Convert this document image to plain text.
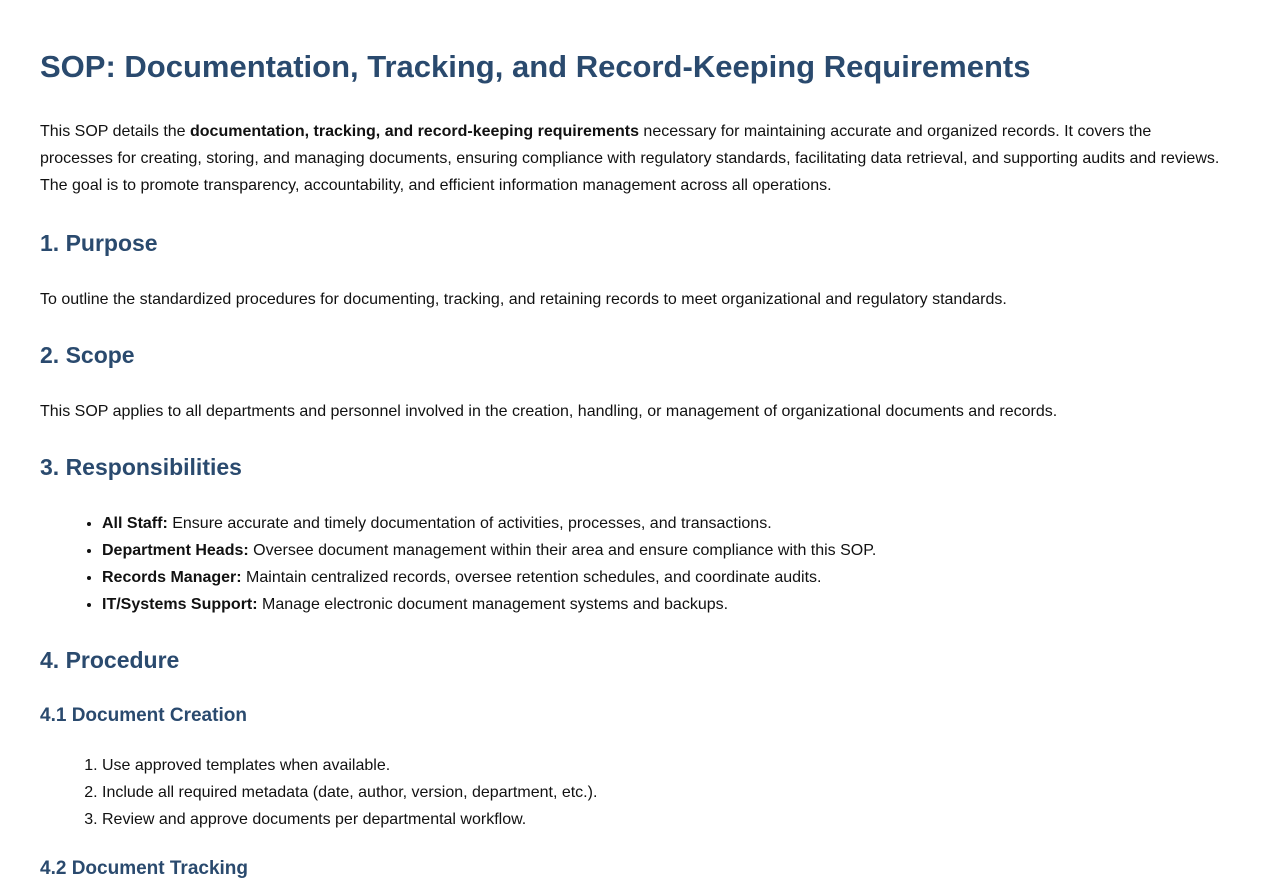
SOP: Documentation, Tracking, and Record-Keeping Requirements

This SOP details the documentation, tracking, and record-keeping requirements necessary for maintaining accurate and organized records. It covers the processes for creating, storing, and managing documents, ensuring compliance with regulatory standards, facilitating data retrieval, and supporting audits and reviews. The goal is to promote transparency, accountability, and efficient information management across all operations.

1. Purpose

To outline the standardized procedures for documenting, tracking, and retaining records to meet organizational and regulatory standards.

2. Scope

This SOP applies to all departments and personnel involved in the creation, handling, or management of organizational documents and records.

3. Responsibilities
• All Staff: Ensure accurate and timely documentation of activities, processes, and transactions.
• Department Heads: Oversee document management within their area and ensure compliance with this SOP.
• Records Manager: Maintain centralized records, oversee retention schedules, and coordinate audits.
• IT/Systems Support: Manage electronic document management systems and backups.
4. Procedure
4.1 Document Creation
1. Use approved templates when available.
2. Include all required metadata (date, author, version, department, etc.).
3. Review and approve documents per departmental workflow.
4.2 Document Tracking
